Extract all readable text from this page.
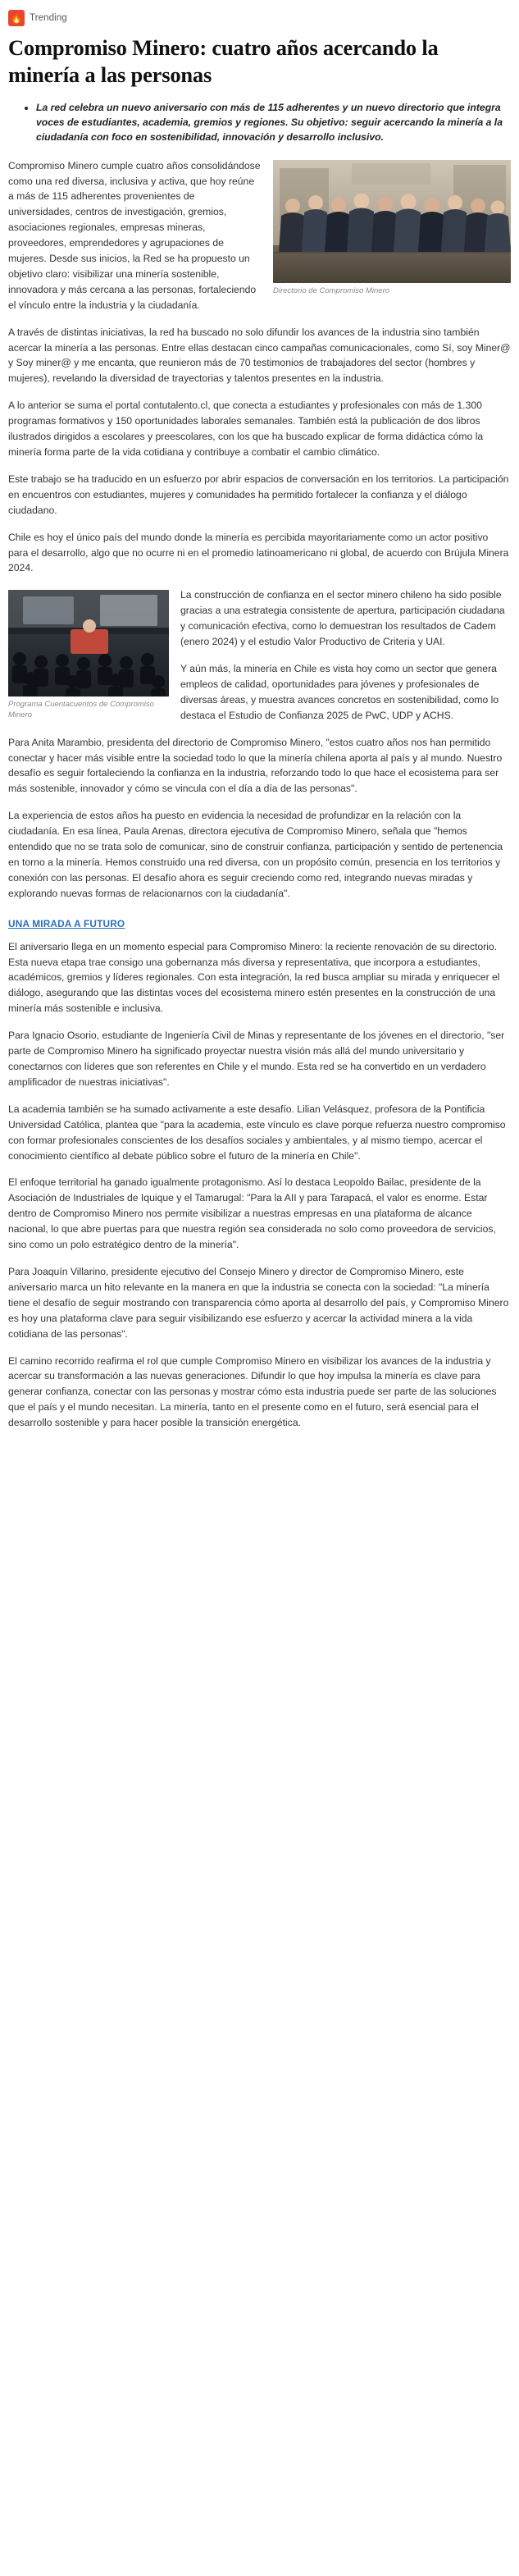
🔥 Trending
Compromiso Minero: cuatro años acercando la minería a las personas
• La red celebra un nuevo aniversario con más de 115 adherentes y un nuevo directorio que integra voces de estudiantes, academia, gremios y regiones. Su objetivo: seguir acercando la minería a la ciudadanía con foco en sostenibilidad, innovación y desarrollo inclusivo.
Directorio de Compromiso Minero

Compromiso Minero cumple cuatro años consolidándose como una red diversa, inclusiva y activa, que hoy reúne a más de 115 adherentes provenientes de universidades, centros de investigación, gremios, asociaciones regionales, empresas mineras, proveedores, emprendedores y agrupaciones de mujeres. Desde sus inicios, la Red se ha propuesto un objetivo claro: visibilizar una minería sostenible, innovadora y más cercana a las personas, fortaleciendo el vínculo entre la industria y la ciudadanía.

A través de distintas iniciativas, la red ha buscado no solo difundir los avances de la industria sino también acercar la minería a las personas. Entre ellas destacan cinco campañas comunicacionales, como Sí, soy Miner@ y Soy miner@ y me encanta, que reunieron más de 70 testimonios de trabajadores del sector (hombres y mujeres), revelando la diversidad de trayectorias y talentos presentes en la industria.

A lo anterior se suma el portal contutalento.cl, que conecta a estudiantes y profesionales con más de 1.300 programas formativos y 150 oportunidades laborales semanales. También está la publicación de dos libros ilustrados dirigidos a escolares y preescolares, con los que ha buscado explicar de forma didáctica cómo la minería forma parte de la vida cotidiana y contribuye a combatir el cambio climático.

Este trabajo se ha traducido en un esfuerzo por abrir espacios de conversación en los territorios. La participación en encuentros con estudiantes, mujeres y comunidades ha permitido fortalecer la confianza y el diálogo ciudadano.

Chile es hoy el único país del mundo donde la minería es percibida mayoritariamente como un actor positivo para el desarrollo, algo que no ocurre ni en el promedio latinoamericano ni global, de acuerdo con Brújula Minera 2024.

Programa Cuentacuentos de Compromiso Minero

La construcción de confianza en el sector minero chileno ha sido posible gracias a una estrategia consistente de apertura, participación ciudadana y comunicación efectiva, como lo demuestran los resultados de Cadem (enero 2024) y el estudio Valor Productivo de Criteria y UAI.

Y aún más, la minería en Chile es vista hoy como un sector que genera empleos de calidad, oportunidades para jóvenes y profesionales de diversas áreas, y muestra avances concretos en sostenibilidad, como lo destaca el Estudio de Confianza 2025 de PwC, UDP y ACHS.

Para Anita Marambio, presidenta del directorio de Compromiso Minero, "estos cuatro años nos han permitido conectar y hacer más visible entre la sociedad todo lo que la minería chilena aporta al país y al mundo. Nuestro desafío es seguir fortaleciendo la confianza en la industria, reforzando todo lo que hace el ecosistema para ser más sostenible, innovador y cómo se vincula con el día a día de las personas".

La experiencia de estos años ha puesto en evidencia la necesidad de profundizar en la relación con la ciudadanía. En esa línea, Paula Arenas, directora ejecutiva de Compromiso Minero, señala que "hemos entendido que no se trata solo de comunicar, sino de construir confianza, participación y sentido de pertenencia en torno a la minería. Hemos construido una red diversa, con un propósito común, presencia en los territorios y conexión con las personas. El desafío ahora es seguir creciendo como red, integrando nuevas miradas y explorando nuevas formas de relacionarnos con la ciudadanía".

UNA MIRADA A FUTURO

El aniversario llega en un momento especial para Compromiso Minero: la reciente renovación de su directorio. Esta nueva etapa trae consigo una gobernanza más diversa y representativa, que incorpora a estudiantes, académicos, gremios y líderes regionales. Con esta integración, la red busca ampliar su mirada y enriquecer el diálogo, asegurando que las distintas voces del ecosistema minero estén presentes en la construcción de una minería más sostenible e inclusiva.

Para Ignacio Osorio, estudiante de Ingeniería Civil de Minas y representante de los jóvenes en el directorio, "ser parte de Compromiso Minero ha significado proyectar nuestra visión más allá del mundo universitario y conectarnos con líderes que son referentes en Chile y el mundo. Esta red se ha convertido en un verdadero amplificador de nuestras iniciativas".

La academia también se ha sumado activamente a este desafío. Lilian Velásquez, profesora de la Pontificia Universidad Católica, plantea que "para la academia, este vínculo es clave porque refuerza nuestro compromiso con formar profesionales conscientes de los desafíos sociales y ambientales, y al mismo tiempo, acercar el conocimiento científico al debate público sobre el futuro de la minería en Chile".

El enfoque territorial ha ganado igualmente protagonismo. Así lo destaca Leopoldo Bailac, presidente de la Asociación de Industriales de Iquique y el Tamarugal: "Para la AII y para Tarapacá, el valor es enorme. Estar dentro de Compromiso Minero nos permite visibilizar a nuestras empresas en una plataforma de alcance nacional, lo que abre puertas para que nuestra región sea considerada no solo como proveedora de servicios, sino como un polo estratégico dentro de la minería".

Para Joaquín Villarino, presidente ejecutivo del Consejo Minero y director de Compromiso Minero, este aniversario marca un hito relevante en la manera en que la industria se conecta con la sociedad: "La minería tiene el desafío de seguir mostrando con transparencia cómo aporta al desarrollo del país, y Compromiso Minero es hoy una plataforma clave para seguir visibilizando ese esfuerzo y acercar la actividad minera a la vida cotidiana de las personas".

El camino recorrido reafirma el rol que cumple Compromiso Minero en visibilizar los avances de la industria y acercar su transformación a las nuevas generaciones. Difundir lo que hoy impulsa la minería es clave para generar confianza, conectar con las personas y mostrar cómo esta industria puede ser parte de las soluciones que el país y el mundo necesitan. La minería, tanto en el presente como en el futuro, será esencial para el desarrollo sostenible y para hacer posible la transición energética.
